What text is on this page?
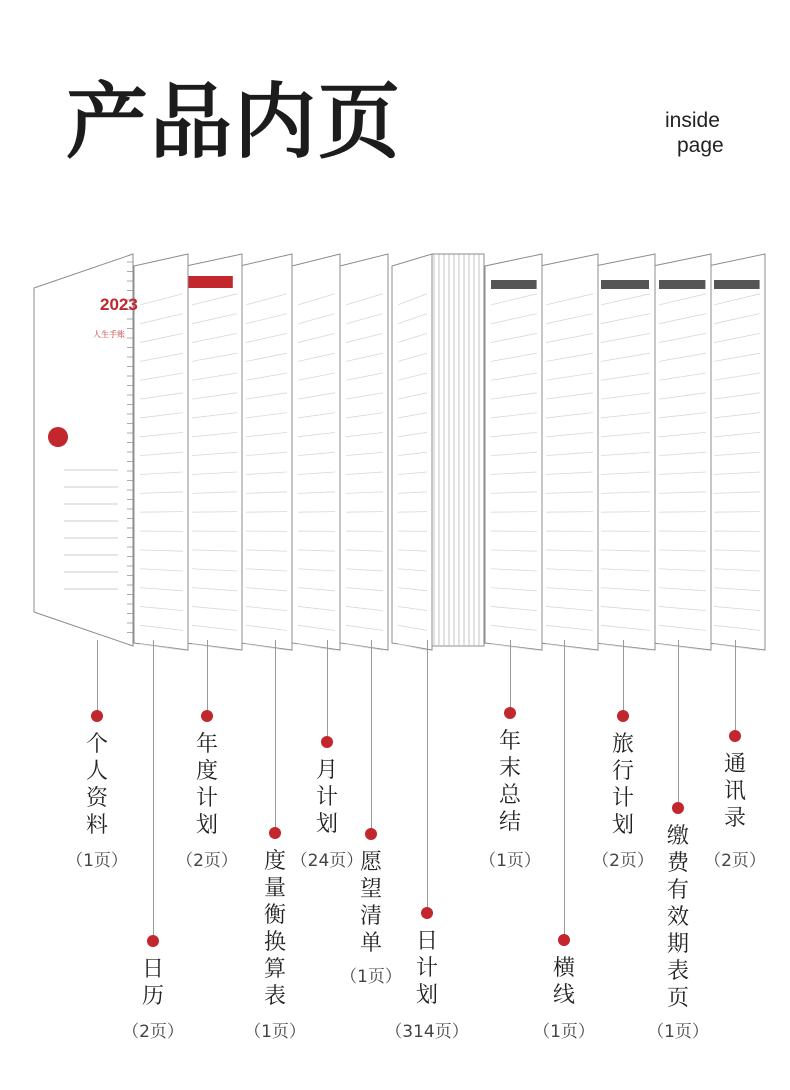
产品内页	inside
page
2023
人生手账
个人资料
（1页）
日历
（2页）
年度计划
（2页）	度量衡换算表
（1页）
月计划
（24页）
愿望清单
（1页）
日计划
（314页）
年末总结
（1页）
横线
（1页）
旅行计划
（2页）
缴费有效期表页
（1页）
通讯录
（2页）
